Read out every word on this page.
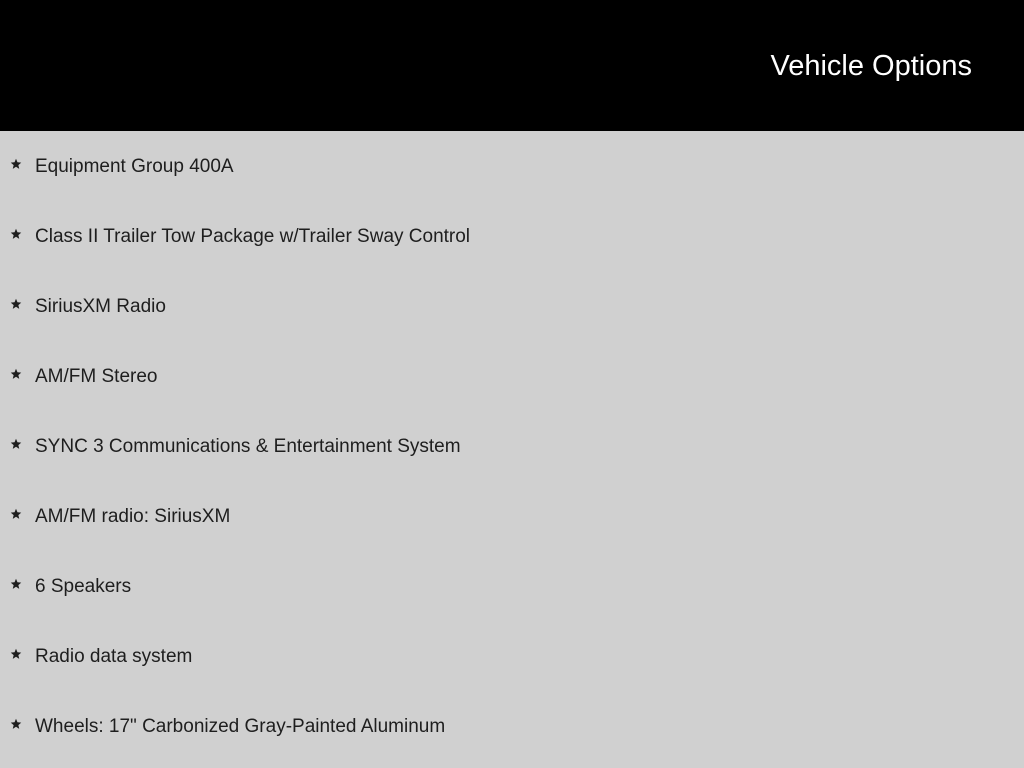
Vehicle Options
Equipment Group 400A
Class II Trailer Tow Package w/Trailer Sway Control
SiriusXM Radio
AM/FM Stereo
SYNC 3 Communications & Entertainment System
AM/FM radio: SiriusXM
6 Speakers
Radio data system
Wheels: 17" Carbonized Gray-Painted Aluminum
